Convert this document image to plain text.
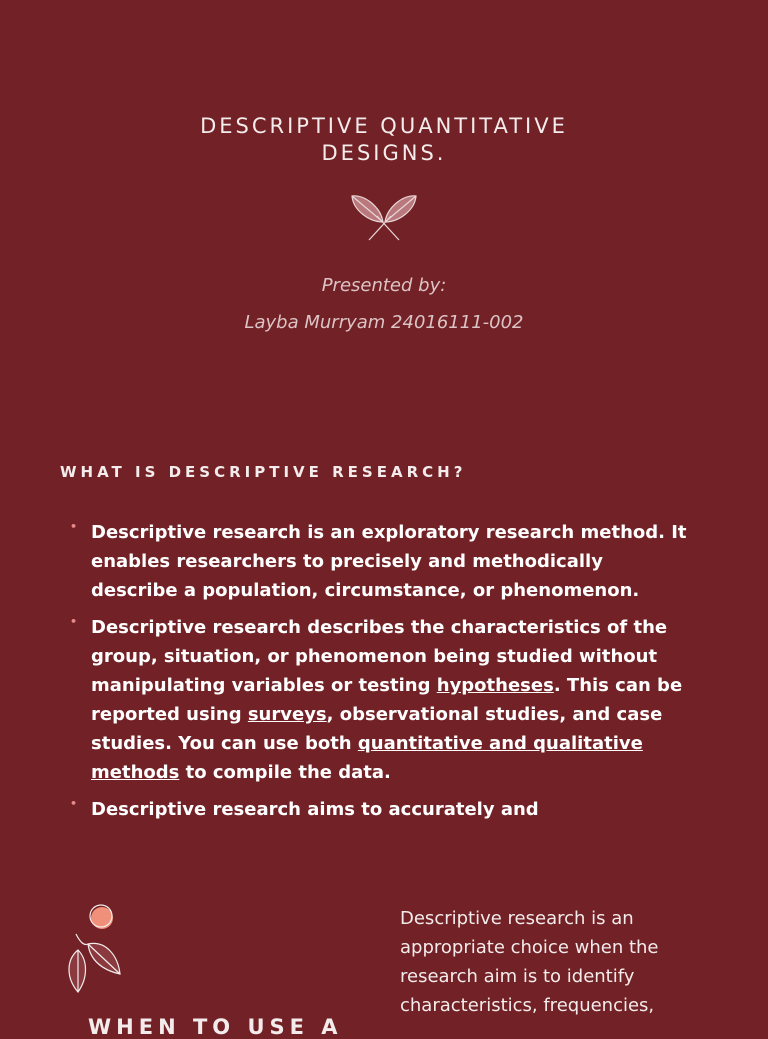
DESCRIPTIVE QUANTITATIVE
DESIGNS.
Presented by:
Layba Murryam 24016111-002
WHAT IS DESCRIPTIVE RESEARCH?
• Descriptive research is an exploratory research method. It enables researchers to precisely and methodically describe a population, circumstance, or phenomenon.
• Descriptive research describes the characteristics of the group, situation, or phenomenon being studied without manipulating variables or testing hypotheses. This can be reported using surveys, observational studies, and case studies. You can use both quantitative and qualitative methods to compile the data.
• Descriptive research aims to accurately and

Descriptive research is an appropriate choice when the research aim is to identify characteristics, frequencies,

WHEN TO USE A
